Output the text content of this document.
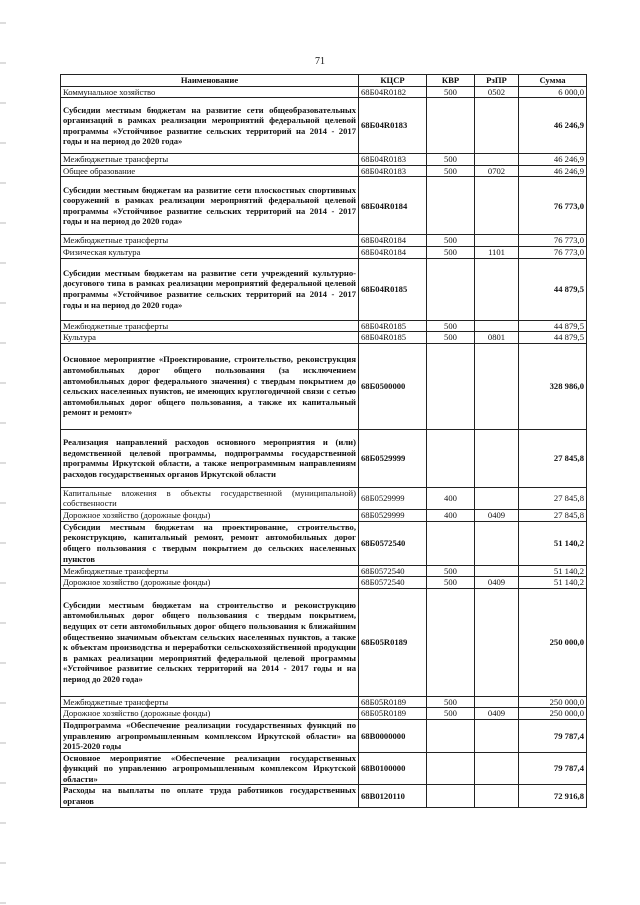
71
Наименование	КЦСР	КВР	РзПР	Сумма
Коммунальное хозяйство	68Б04R0182	500	0502	6 000,0
Субсидии местным бюджетам на развитие сети общеобразовательных организаций в рамках реализации мероприятий федеральной целевой программы «Устойчивое развитие сельских территорий на 2014 - 2017 годы и на период до 2020 года»	68Б04R0183			46 246,9
Межбюджетные трансферты	68Б04R0183	500		46 246,9
Общее образование	68Б04R0183	500	0702	46 246,9
Субсидии местным бюджетам на развитие сети плоскостных спортивных сооружений в рамках реализации мероприятий федеральной целевой программы «Устойчивое развитие сельских территорий на 2014 - 2017 годы и на период до 2020 года»	68Б04R0184			76 773,0
Межбюджетные трансферты	68Б04R0184	500		76 773,0
Физическая культура	68Б04R0184	500	1101	76 773,0
Субсидии местным бюджетам на развитие сети учреждений культурно-досугового типа в рамках реализации мероприятий федеральной целевой программы «Устойчивое развитие сельских территорий на 2014 - 2017 годы и на период до 2020 года»	68Б04R0185			44 879,5
Межбюджетные трансферты	68Б04R0185	500		44 879,5
Культура	68Б04R0185	500	0801	44 879,5
Основное мероприятие «Проектирование, строительство, реконструкция автомобильных дорог общего пользования (за исключением автомобильных дорог федерального значения) с твердым покрытием до сельских населенных пунктов, не имеющих круглогодичной связи с сетью автомобильных дорог общего пользования, а также их капитальный ремонт и ремонт»	68Б0500000			328 986,0
Реализация направлений расходов основного мероприятия и (или) ведомственной целевой программы, подпрограммы государственной программы Иркутской области, а также непрограммным направлениям расходов государственных органов Иркутской области	68Б0529999			27 845,8
Капитальные вложения в объекты государственной (муниципальной) собственности	68Б0529999	400		27 845,8
Дорожное хозяйство (дорожные фонды)	68Б0529999	400	0409	27 845,8
Субсидии местным бюджетам на проектирование, строительство, реконструкцию, капитальный ремонт, ремонт автомобильных дорог общего пользования с твердым покрытием до сельских населенных пунктов	68Б0572540			51 140,2
Межбюджетные трансферты	68Б0572540	500		51 140,2
Дорожное хозяйство (дорожные фонды)	68Б0572540	500	0409	51 140,2
Субсидии местным бюджетам на строительство и реконструкцию автомобильных дорог общего пользования с твердым покрытием, ведущих от сети автомобильных дорог общего пользования к ближайшим общественно значимым объектам сельских населенных пунктов, а также к объектам производства и переработки сельскохозяйственной продукции в рамках реализации мероприятий федеральной целевой программы «Устойчивое развитие сельских территорий на 2014 - 2017 годы и на период до 2020 года»	68Б05R0189			250 000,0
Межбюджетные трансферты	68Б05R0189	500		250 000,0
Дорожное хозяйство (дорожные фонды)	68Б05R0189	500	0409	250 000,0
Подпрограмма «Обеспечение реализации государственных функций по управлению агропромышленным комплексом Иркутской области» на 2015-2020 годы	68В0000000			79 787,4
Основное мероприятие «Обеспечение реализации государственных функций по управлению агропромышленным комплексом Иркутской области»	68В0100000			79 787,4
Расходы на выплаты по оплате труда работников государственных органов	68В0120110			72 916,8
